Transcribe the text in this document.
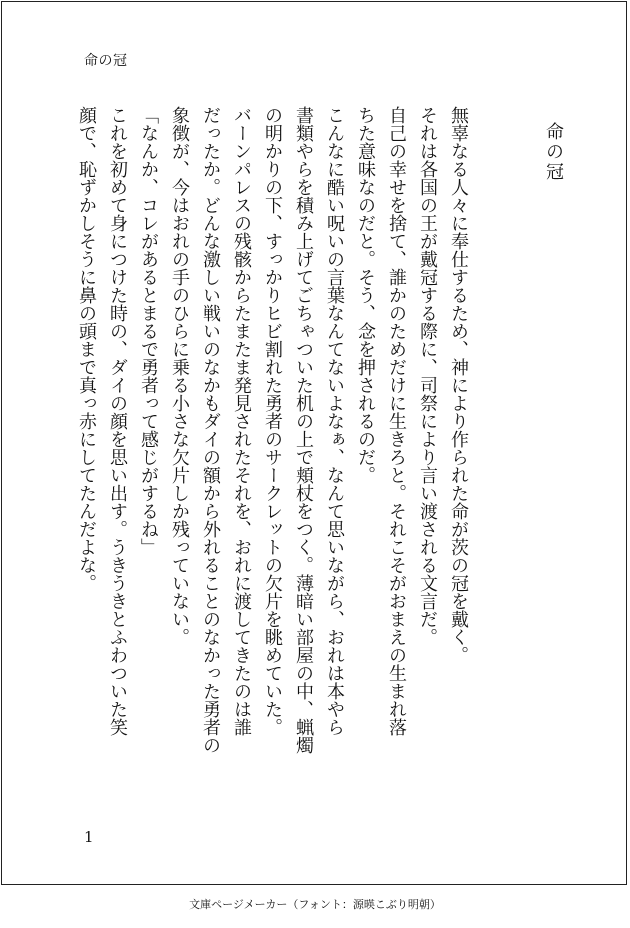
命の冠
命の冠
無辜なる人々に奉仕するため、神により作られた命が茨の冠を戴く。
それは各国の王が戴冠する際に、司祭により言い渡される文言だ。
自己の幸せを捨て、誰かのためだけに生きろと。それこそがおまえの生まれ落
ちた意味なのだと。そう、念を押されるのだ。
こんなに酷い呪いの言葉なんてないよなぁ、なんて思いながら、おれは本やら
書類やらを積み上げてごちゃついた机の上で頬杖をつく。薄暗い部屋の中、蝋燭
の明かりの下、すっかりヒビ割れた勇者のサークレットの欠片を眺めていた。
バーンパレスの残骸からたまたま発見されたそれを、おれに渡してきたのは誰
だったか。どんな激しい戦いのなかもダイの額から外れることのなかった勇者の
象徴が、今はおれの手のひらに乗る小さな欠片しか残っていない。
「なんか、コレがあるとまるで勇者って感じがするね」
これを初めて身につけた時の、ダイの顔を思い出す。うきうきとふわついた笑
顔で、恥ずかしそうに鼻の頭まで真っ赤にしてたんだよな。
1
文庫ページメーカー（フォント：源暎こぶり明朝）
